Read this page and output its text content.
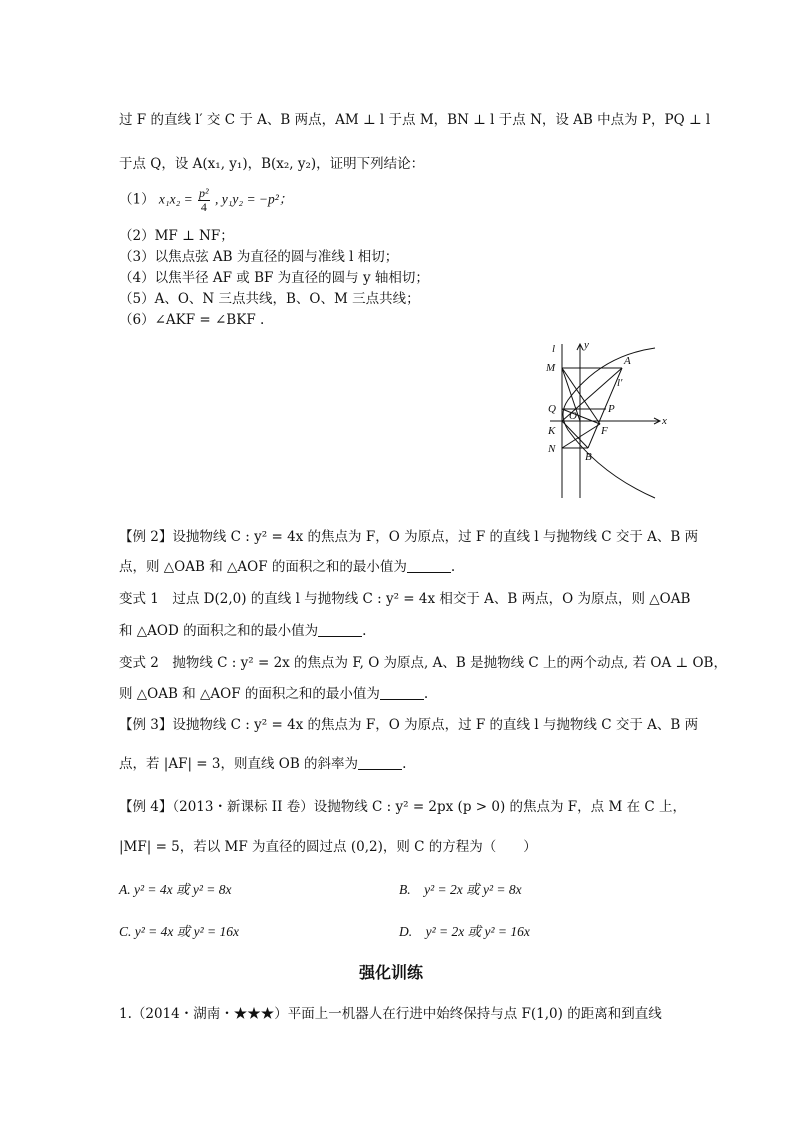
过 F 的直线 l′ 交 C 于 A、B 两点，AM ⊥ l 于点 M，BN ⊥ l 于点 N，设 AB 中点为 P，PQ ⊥ l
于点 Q，设 A(x₁, y₁)，B(x₂, y₂)，证明下列结论：
（1） $x_1x_2 = \frac{\text{p²}}{4}$ , y₁y₂ = −p²；
（2）MF ⊥ NF；
（3）以焦点弦 AB 为直径的圆与准线 l 相切；
（4）以焦半径 AF 或 BF 为直径的圆与 y 轴相切；
（5）A、O、N 三点共线，B、O、M 三点共线；
（6）∠AKF = ∠BKF .
l	y
A
M
l′
Q
O
P
x
K	F
N
B
【例 2】设抛物线 C : y² = 4x 的焦点为 F，O 为原点，过 F 的直线 l 与抛物线 C 交于 A、B 两
点，则 △OAB 和 △AOF 的面积之和的最小值为	.
变式 1　过点 D(2,0) 的直线 l 与抛物线 C : y² = 4x 相交于 A、B 两点，O 为原点，则 △OAB
和 △AOD 的面积之和的最小值为	.
变式 2　抛物线 C : y² = 2x 的焦点为 F, O 为原点, A、B 是抛物线 C 上的两个动点, 若 OA ⊥ OB，
则 △OAB 和 △AOF 的面积之和的最小值为	.
【例 3】设抛物线 C : y² = 4x 的焦点为 F，O 为原点，过 F 的直线 l 与抛物线 C 交于 A、B 两
点，若 |AF| = 3，则直线 OB 的斜率为	.
【例 4】（2013・新课标 II 卷）设抛物线 C : y² = 2px (p > 0) 的焦点为 F，点 M 在 C 上，
|MF| = 5，若以 MF 为直径的圆过点 (0,2)，则 C 的方程为（　　）
A. y² = 4x 或 y² = 8x	B.　y² = 2x 或 y² = 8x
C. y² = 4x 或 y² = 16x	D.　y² = 2x 或 y² = 16x
强化训练
1.（2014・湖南・★★★）平面上一机器人在行进中始终保持与点 F(1,0) 的距离和到直线
